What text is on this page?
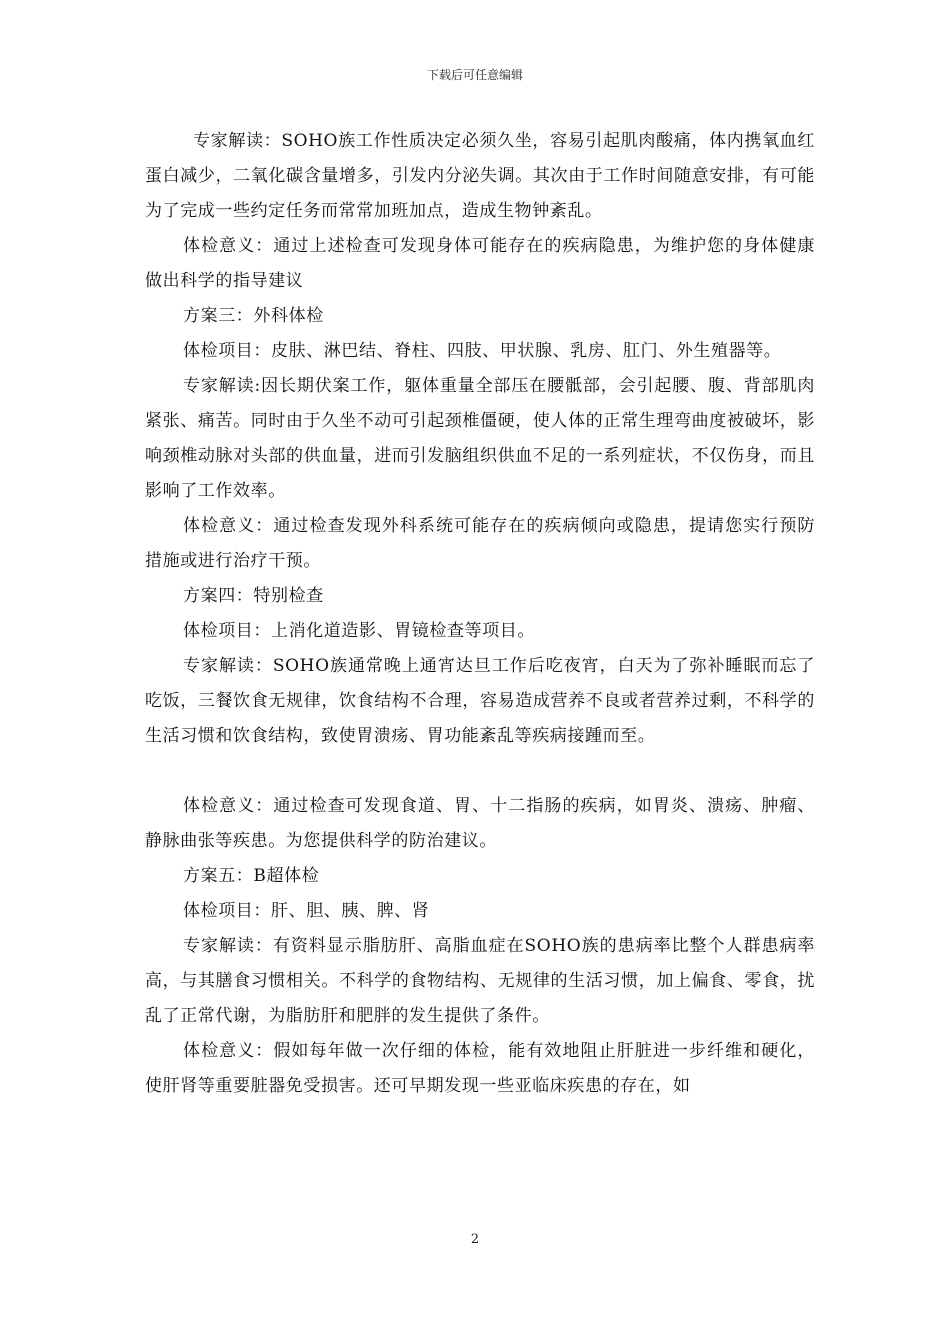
下载后可任意编辑

专家解读：SOHO族工作性质决定必须久坐，容易引起肌肉酸痛，体内携氧血红蛋白减少，二氧化碳含量增多，引发内分泌失调。其次由于工作时间随意安排，有可能为了完成一些约定任务而常常加班加点，造成生物钟紊乱。

体检意义：通过上述检查可发现身体可能存在的疾病隐患，为维护您的身体健康做出科学的指导建议

方案三：外科体检

体检项目：皮肤、淋巴结、脊柱、四肢、甲状腺、乳房、肛门、外生殖器等。

专家解读:因长期伏案工作，躯体重量全部压在腰骶部，会引起腰、腹、背部肌肉紧张、痛苦。同时由于久坐不动可引起颈椎僵硬，使人体的正常生理弯曲度被破坏，影响颈椎动脉对头部的供血量，进而引发脑组织供血不足的一系列症状，不仅伤身，而且影响了工作效率。

体检意义：通过检查发现外科系统可能存在的疾病倾向或隐患，提请您实行预防措施或进行治疗干预。

方案四：特别检查

体检项目：上消化道造影、胃镜检查等项目。

专家解读：SOHO族通常晚上通宵达旦工作后吃夜宵，白天为了弥补睡眠而忘了吃饭，三餐饮食无规律，饮食结构不合理，容易造成营养不良或者营养过剩，不科学的生活习惯和饮食结构，致使胃溃疡、胃功能紊乱等疾病接踵而至。

体检意义：通过检查可发现食道、胃、十二指肠的疾病，如胃炎、溃疡、肿瘤、静脉曲张等疾患。为您提供科学的防治建议。

方案五：B超体检

体检项目：肝、胆、胰、脾、肾

专家解读：有资料显示脂肪肝、高脂血症在SOHO族的患病率比整个人群患病率高，与其膳食习惯相关。不科学的食物结构、无规律的生活习惯，加上偏食、零食，扰乱了正常代谢，为脂肪肝和肥胖的发生提供了条件。

体检意义：假如每年做一次仔细的体检，能有效地阻止肝脏进一步纤维和硬化，使肝肾等重要脏器免受损害。还可早期发现一些亚临床疾患的存在，如

2
